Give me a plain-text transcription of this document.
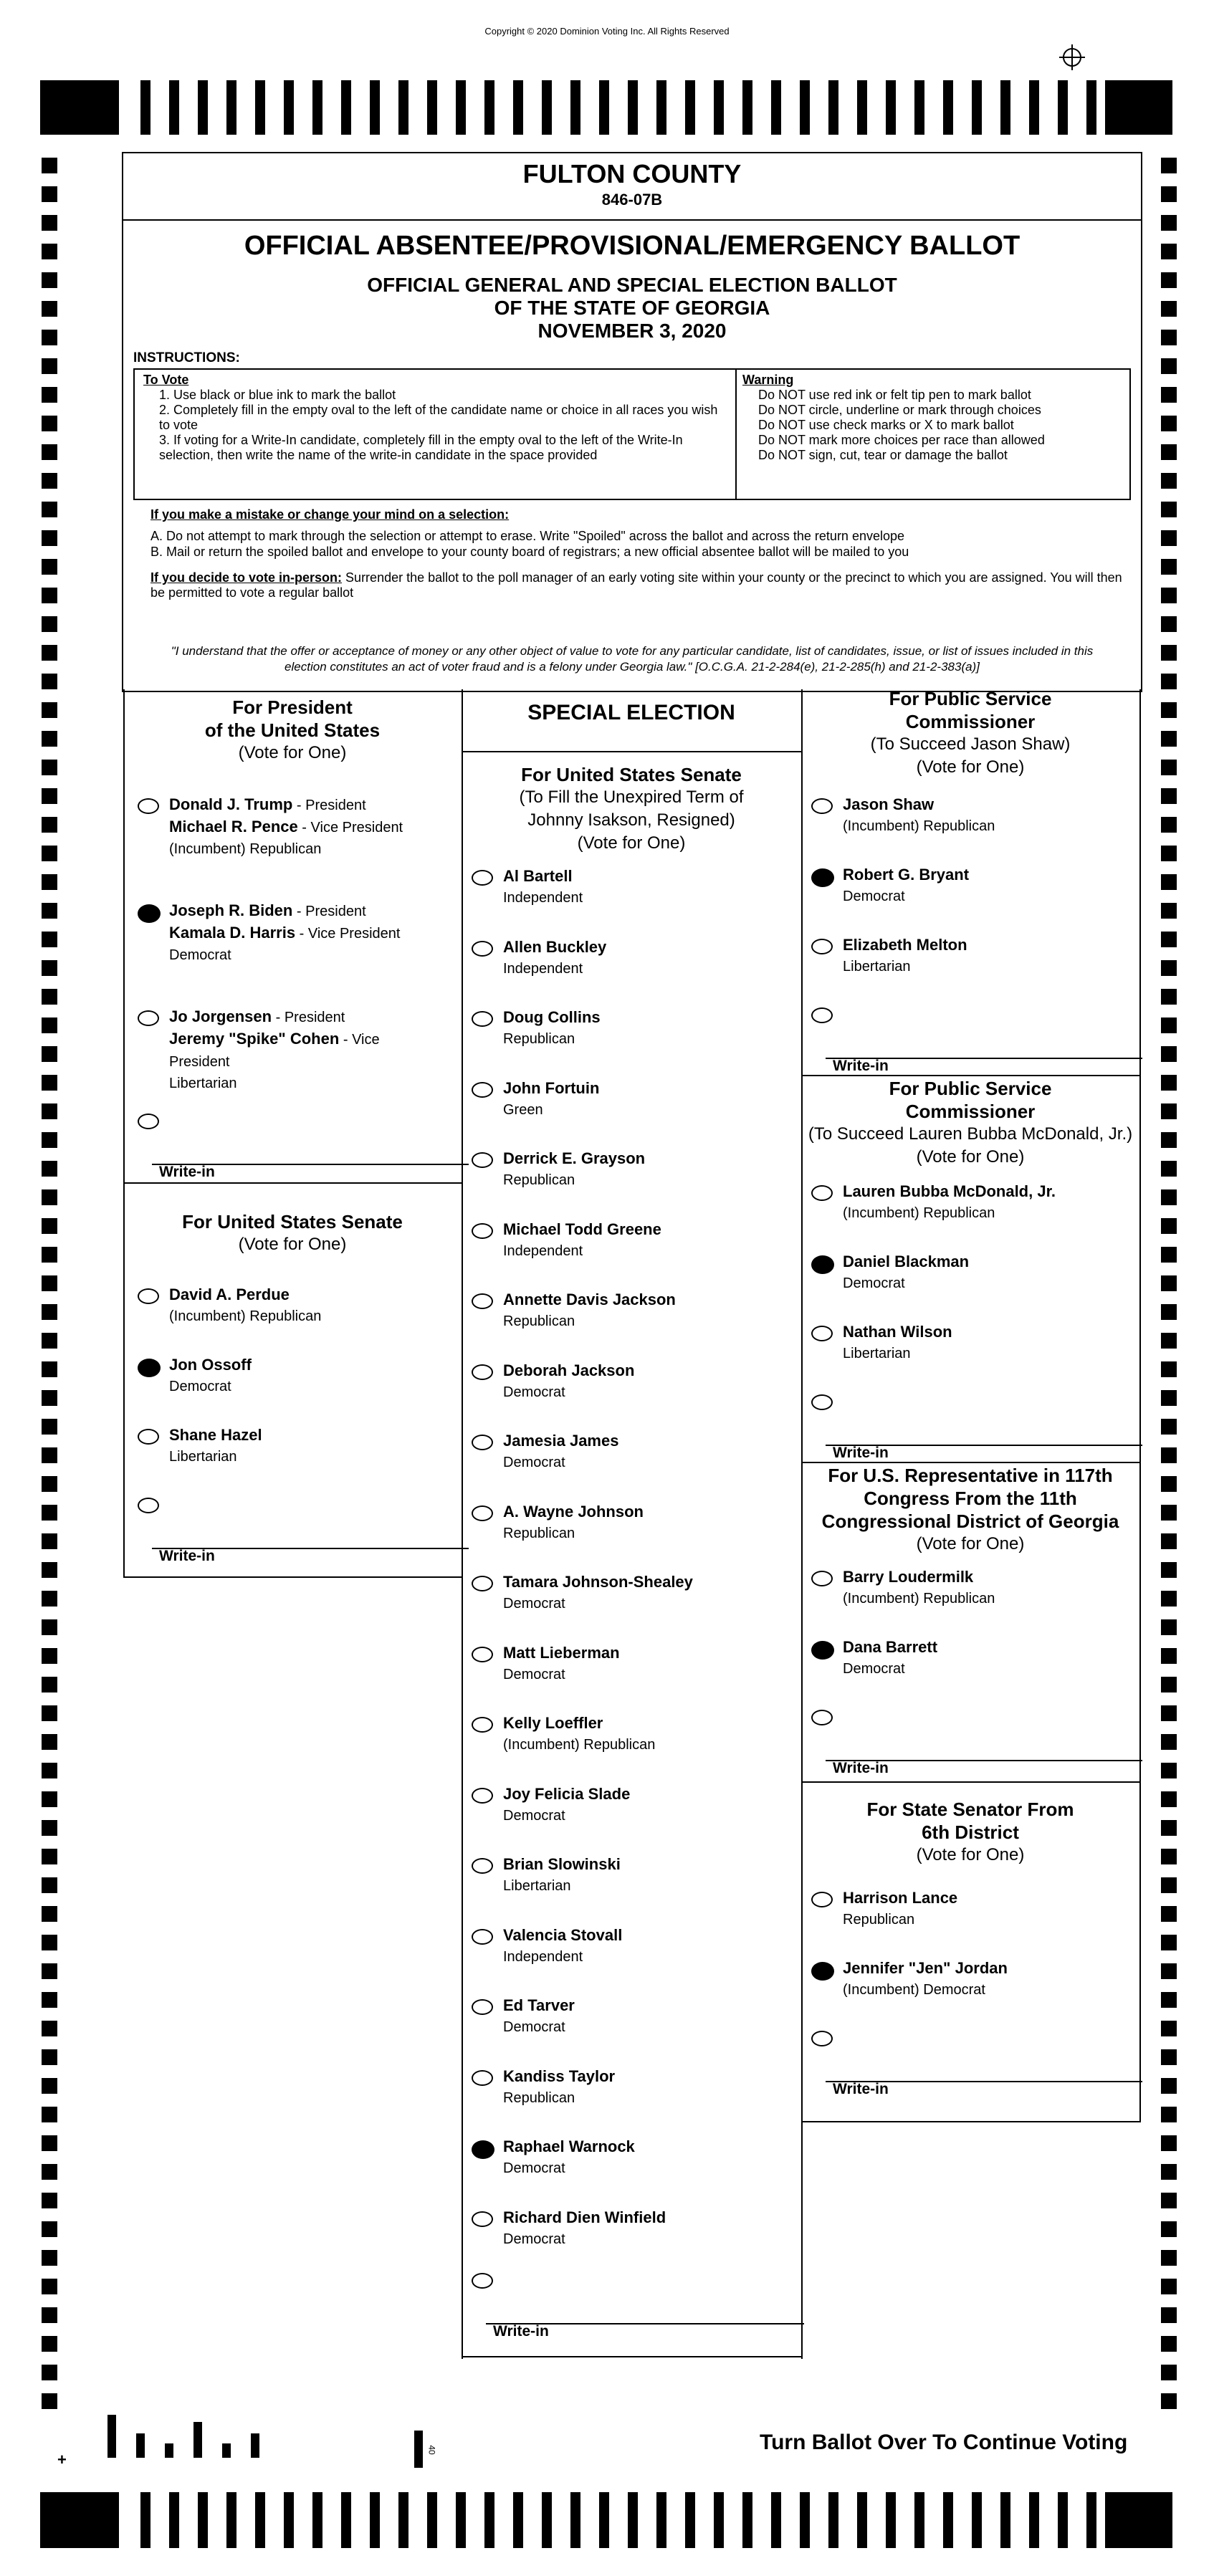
Copyright © 2020 Dominion Voting Inc. All Rights Reserved
FULTON COUNTY
846-07B
OFFICIAL ABSENTEE/PROVISIONAL/EMERGENCY BALLOT
OFFICIAL GENERAL AND SPECIAL ELECTION BALLOT
OF THE STATE OF GEORGIA
NOVEMBER 3, 2020
INSTRUCTIONS:
To Vote
1. Use black or blue ink to mark the ballot
2. Completely fill in the empty oval to the left of the candidate name or choice in all races you wish to vote
3. If voting for a Write-In candidate, completely fill in the empty oval to the left of the Write-In selection, then write the name of the write-in candidate in the space provided
Warning
Do NOT use red ink or felt tip pen to mark ballot
Do NOT circle, underline or mark through choices
Do NOT use check marks or X to mark ballot
Do NOT mark more choices per race than allowed
Do NOT sign, cut, tear or damage the ballot
If you make a mistake or change your mind on a selection:
A. Do not attempt to mark through the selection or attempt to erase. Write "Spoiled" across the ballot and across the return envelope
B. Mail or return the spoiled ballot and envelope to your county board of registrars; a new official absentee ballot will be mailed to you
If you decide to vote in-person: Surrender the ballot to the poll manager of an early voting site within your county or the precinct to which you are assigned. You will then be permitted to vote a regular ballot
"I understand that the offer or acceptance of money or any other object of value to vote for any particular candidate, list of candidates, issue, or list of issues included in this
election constitutes an act of voter fraud and is a felony under Georgia law." [O.C.G.A. 21-2-284(e), 21-2-285(h) and 21-2-383(a)]
For President
of the United States
(Vote for One)
Donald J. Trump - President
Michael R. Pence - Vice President
(Incumbent) Republican
Joseph R. Biden - President
Kamala D. Harris - Vice President
Democrat
Jo Jorgensen - President
Jeremy "Spike" Cohen - Vice President
Libertarian
Write-in
For United States Senate
(Vote for One)
David A. Perdue
(Incumbent) Republican
Jon Ossoff
Democrat
Shane Hazel
Libertarian
Write-in
SPECIAL ELECTION
For United States Senate
(To Fill the Unexpired Term of
Johnny Isakson, Resigned)
(Vote for One)
Al Bartell
Independent
Allen Buckley
Independent
Doug Collins
Republican
John Fortuin
Green
Derrick E. Grayson
Republican
Michael Todd Greene
Independent
Annette Davis Jackson
Republican
Deborah Jackson
Democrat
Jamesia James
Democrat
A. Wayne Johnson
Republican
Tamara Johnson-Shealey
Democrat
Matt Lieberman
Democrat
Kelly Loeffler
(Incumbent) Republican
Joy Felicia Slade
Democrat
Brian Slowinski
Libertarian
Valencia Stovall
Independent
Ed Tarver
Democrat
Kandiss Taylor
Republican
Raphael Warnock
Democrat
Richard Dien Winfield
Democrat
Write-in
For Public Service
Commissioner
(To Succeed Jason Shaw)
(Vote for One)
Jason Shaw
(Incumbent) Republican
Robert G. Bryant
Democrat
Elizabeth Melton
Libertarian
Write-in
For Public Service
Commissioner
(To Succeed Lauren Bubba McDonald, Jr.)
(Vote for One)
Lauren Bubba McDonald, Jr.
(Incumbent) Republican
Daniel Blackman
Democrat
Nathan Wilson
Libertarian
Write-in
For U.S. Representative in 117th
Congress From the 11th
Congressional District of Georgia
(Vote for One)
Barry Loudermilk
(Incumbent) Republican
Dana Barrett
Democrat
Write-in
For State Senator From
6th District
(Vote for One)
Harrison Lance
Republican
Jennifer "Jen" Jordan
(Incumbent) Democrat
Write-in
+
40	Turn Ballot Over To Continue Voting
